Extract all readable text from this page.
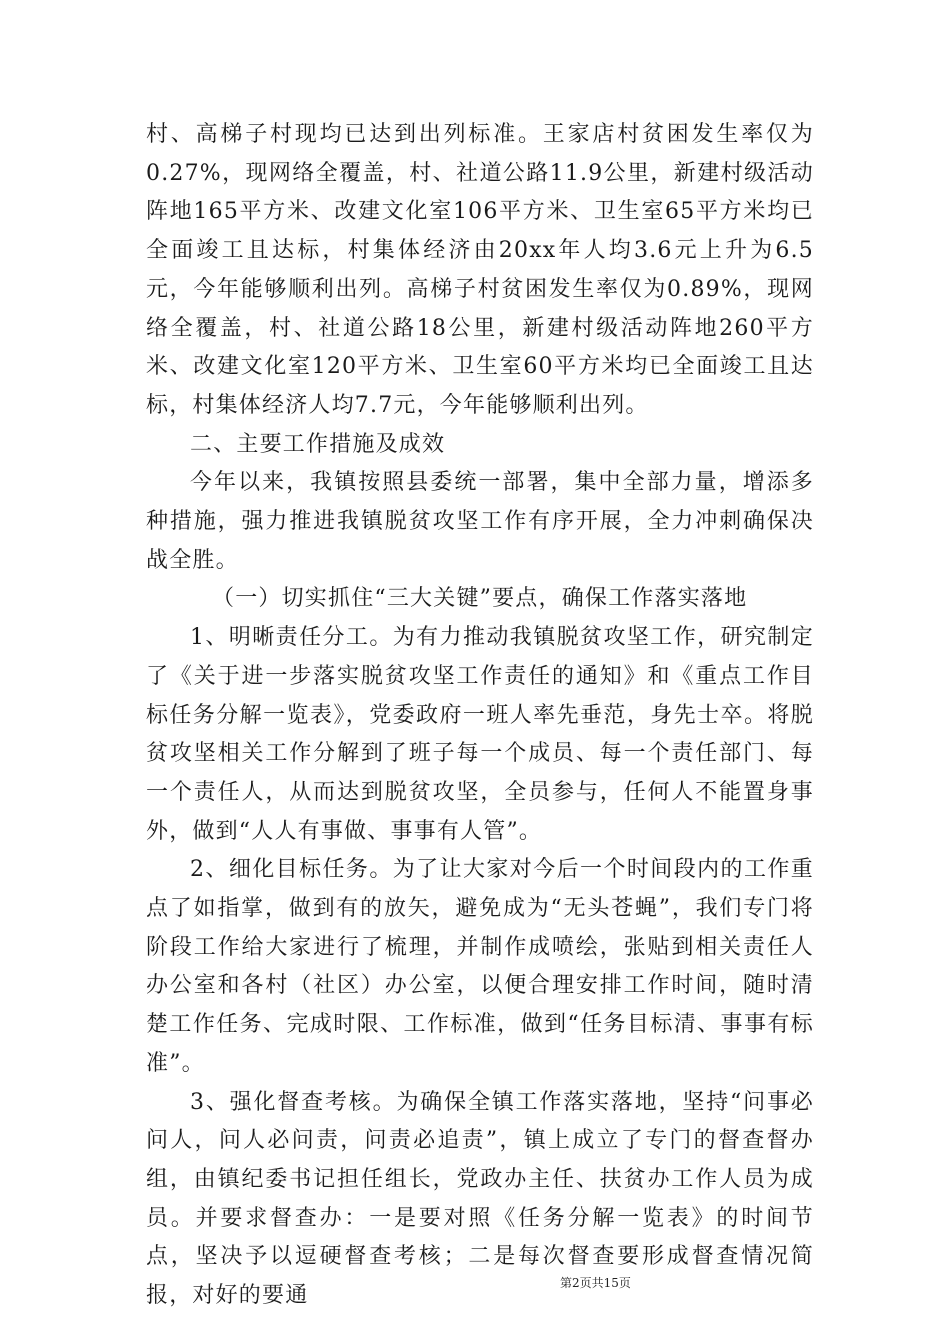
村、高梯子村现均已达到出列标准。王家店村贫困发生率仅为0.27%，现网络全覆盖，村、社道公路11.9公里，新建村级活动阵地165平方米、改建文化室106平方米、卫生室65平方米均已全面竣工且达标，村集体经济由20xx年人均3.6元上升为6.5元，今年能够顺利出列。高梯子村贫困发生率仅为0.89%，现网络全覆盖，村、社道公路18公里，新建村级活动阵地260平方米、改建文化室120平方米、卫生室60平方米均已全面竣工且达标，村集体经济人均7.7元，今年能够顺利出列。

二、主要工作措施及成效

今年以来，我镇按照县委统一部署，集中全部力量，增添多种措施，强力推进我镇脱贫攻坚工作有序开展，全力冲刺确保决战全胜。

（一）切实抓住“三大关键”要点，确保工作落实落地

1、明晰责任分工。为有力推动我镇脱贫攻坚工作，研究制定了《关于进一步落实脱贫攻坚工作责任的通知》和《重点工作目标任务分解一览表》，党委政府一班人率先垂范，身先士卒。将脱贫攻坚相关工作分解到了班子每一个成员、每一个责任部门、每一个责任人，从而达到脱贫攻坚，全员参与，任何人不能置身事外，做到“人人有事做、事事有人管”。

2、细化目标任务。为了让大家对今后一个时间段内的工作重点了如指掌，做到有的放矢，避免成为“无头苍蝇”，我们专门将阶段工作给大家进行了梳理，并制作成喷绘，张贴到相关责任人办公室和各村（社区）办公室，以便合理安排工作时间，随时清楚工作任务、完成时限、工作标准，做到“任务目标清、事事有标准”。

3、强化督查考核。为确保全镇工作落实落地，坚持“问事必问人，问人必问责，问责必追责”，镇上成立了专门的督查督办组，由镇纪委书记担任组长，党政办主任、扶贫办工作人员为成员。并要求督查办：一是要对照《任务分解一览表》的时间节点，坚决予以逗硬督查考核；二是每次督查要形成督查情况简报，对好的要通

第2页共15页
